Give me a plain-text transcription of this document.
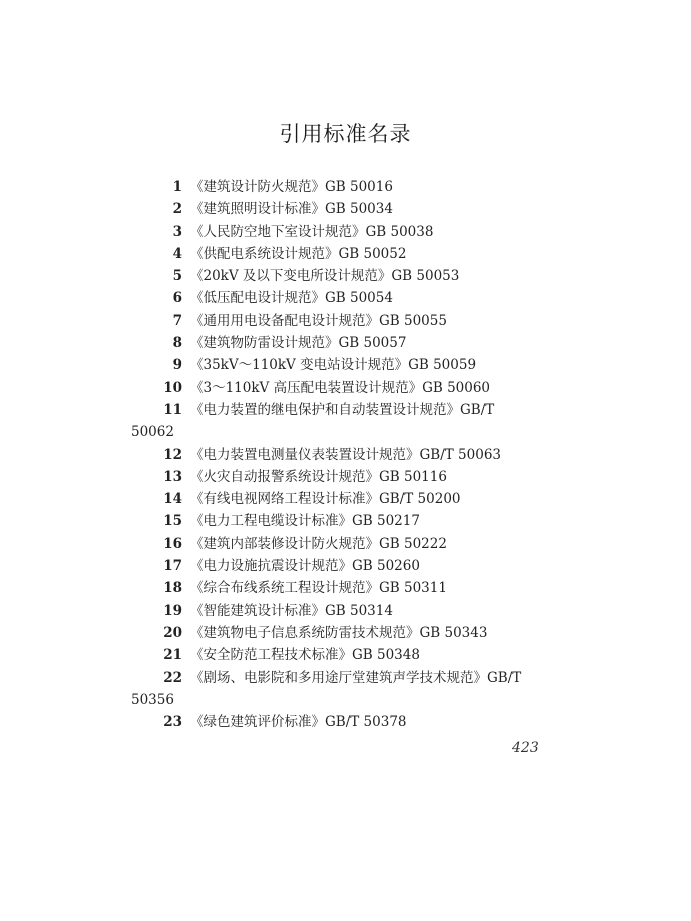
引用标准名录
1 《建筑设计防火规范》GB 50016
2 《建筑照明设计标准》GB 50034
3 《人民防空地下室设计规范》GB 50038
4 《供配电系统设计规范》GB 50052
5 《20kV 及以下变电所设计规范》GB 50053
6 《低压配电设计规范》GB 50054
7 《通用用电设备配电设计规范》GB 50055
8 《建筑物防雷设计规范》GB 50057
9 《35kV～110kV 变电站设计规范》GB 50059
10 《3～110kV 高压配电装置设计规范》GB 50060
11 《电力装置的继电保护和自动装置设计规范》GB/T
50062
12 《电力装置电测量仪表装置设计规范》GB/T 50063
13 《火灾自动报警系统设计规范》GB 50116
14 《有线电视网络工程设计标准》GB/T 50200
15 《电力工程电缆设计标准》GB 50217
16 《建筑内部装修设计防火规范》GB 50222
17 《电力设施抗震设计规范》GB 50260
18 《综合布线系统工程设计规范》GB 50311
19 《智能建筑设计标准》GB 50314
20 《建筑物电子信息系统防雷技术规范》GB 50343
21 《安全防范工程技术标准》GB 50348
22 《剧场、电影院和多用途厅堂建筑声学技术规范》GB/T
50356
23 《绿色建筑评价标准》GB/T 50378
423
